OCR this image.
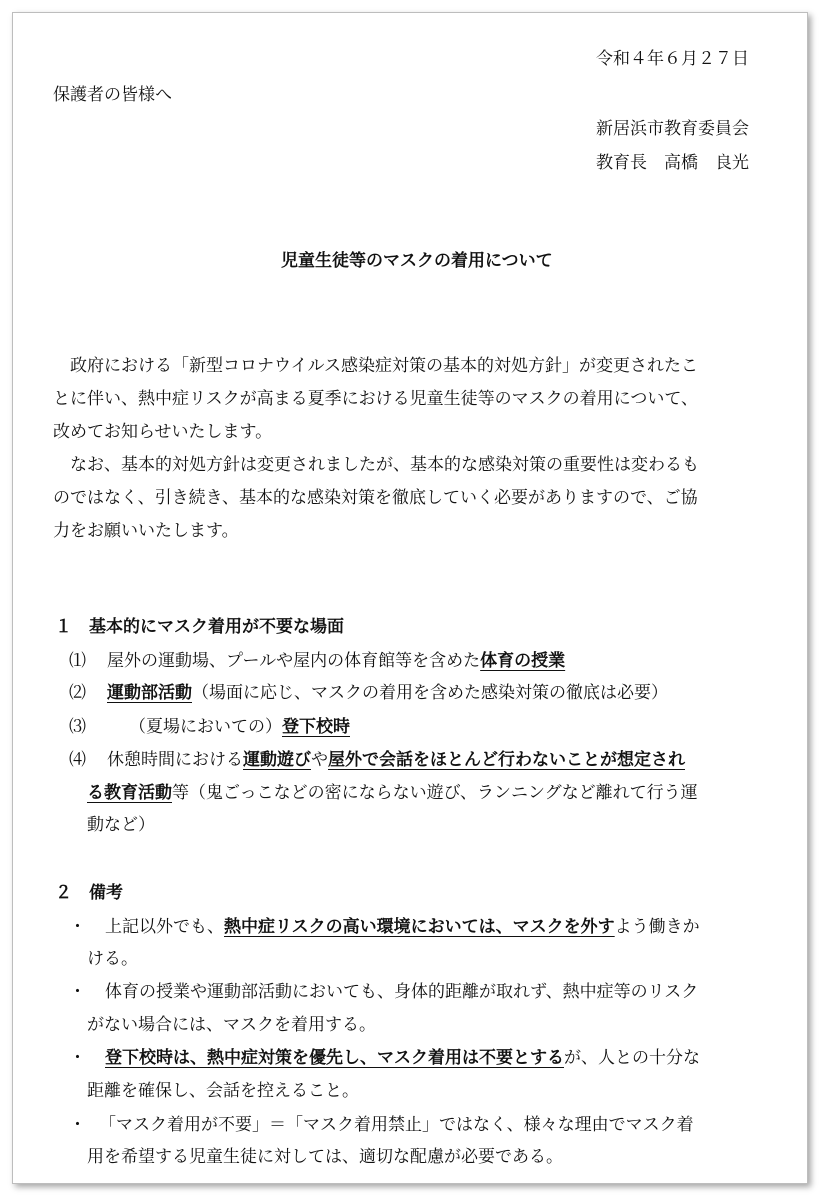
令和４年６月２７日

保護者の皆様へ

新居浜市教育委員会

教育長　高橋　良光

児童生徒等のマスクの着用について

政府における「新型コロナウイルス感染症対策の基本的対処方針」が変更されたこ

とに伴い、熱中症リスクが高まる夏季における児童生徒等のマスクの着用について、

改めてお知らせいたします。

なお、基本的対処方針は変更されましたが、基本的な感染対策の重要性は変わるも

のではなく、引き続き、基本的な感染対策を徹底していく必要がありますので、ご協

力をお願いいたします。

１　基本的にマスク着用が不要な場面

⑴ 屋外の運動場、プールや屋内の体育館等を含めた体育の授業

⑵ 運動部活動（場面に応じ、マスクの着用を含めた感染対策の徹底は必要）

⑶	（夏場においての）登下校時

⑷ 休憩時間における運動遊びや屋外で会話をほとんど行わないことが想定され

る教育活動等（鬼ごっこなどの密にならない遊び、ランニングなど離れて行う運

動など）

２　備考

・ 上記以外でも、熱中症リスクの高い環境においては、マスクを外すよう働きか

ける。

・ 体育の授業や運動部活動においても、身体的距離が取れず、熱中症等のリスク

がない場合には、マスクを着用する。

・ 登下校時は、熱中症対策を優先し、マスク着用は不要とするが、人との十分な

距離を確保し、会話を控えること。

・ 「マスク着用が不要」＝「マスク着用禁止」ではなく、様々な理由でマスク着

用を希望する児童生徒に対しては、適切な配慮が必要である。
